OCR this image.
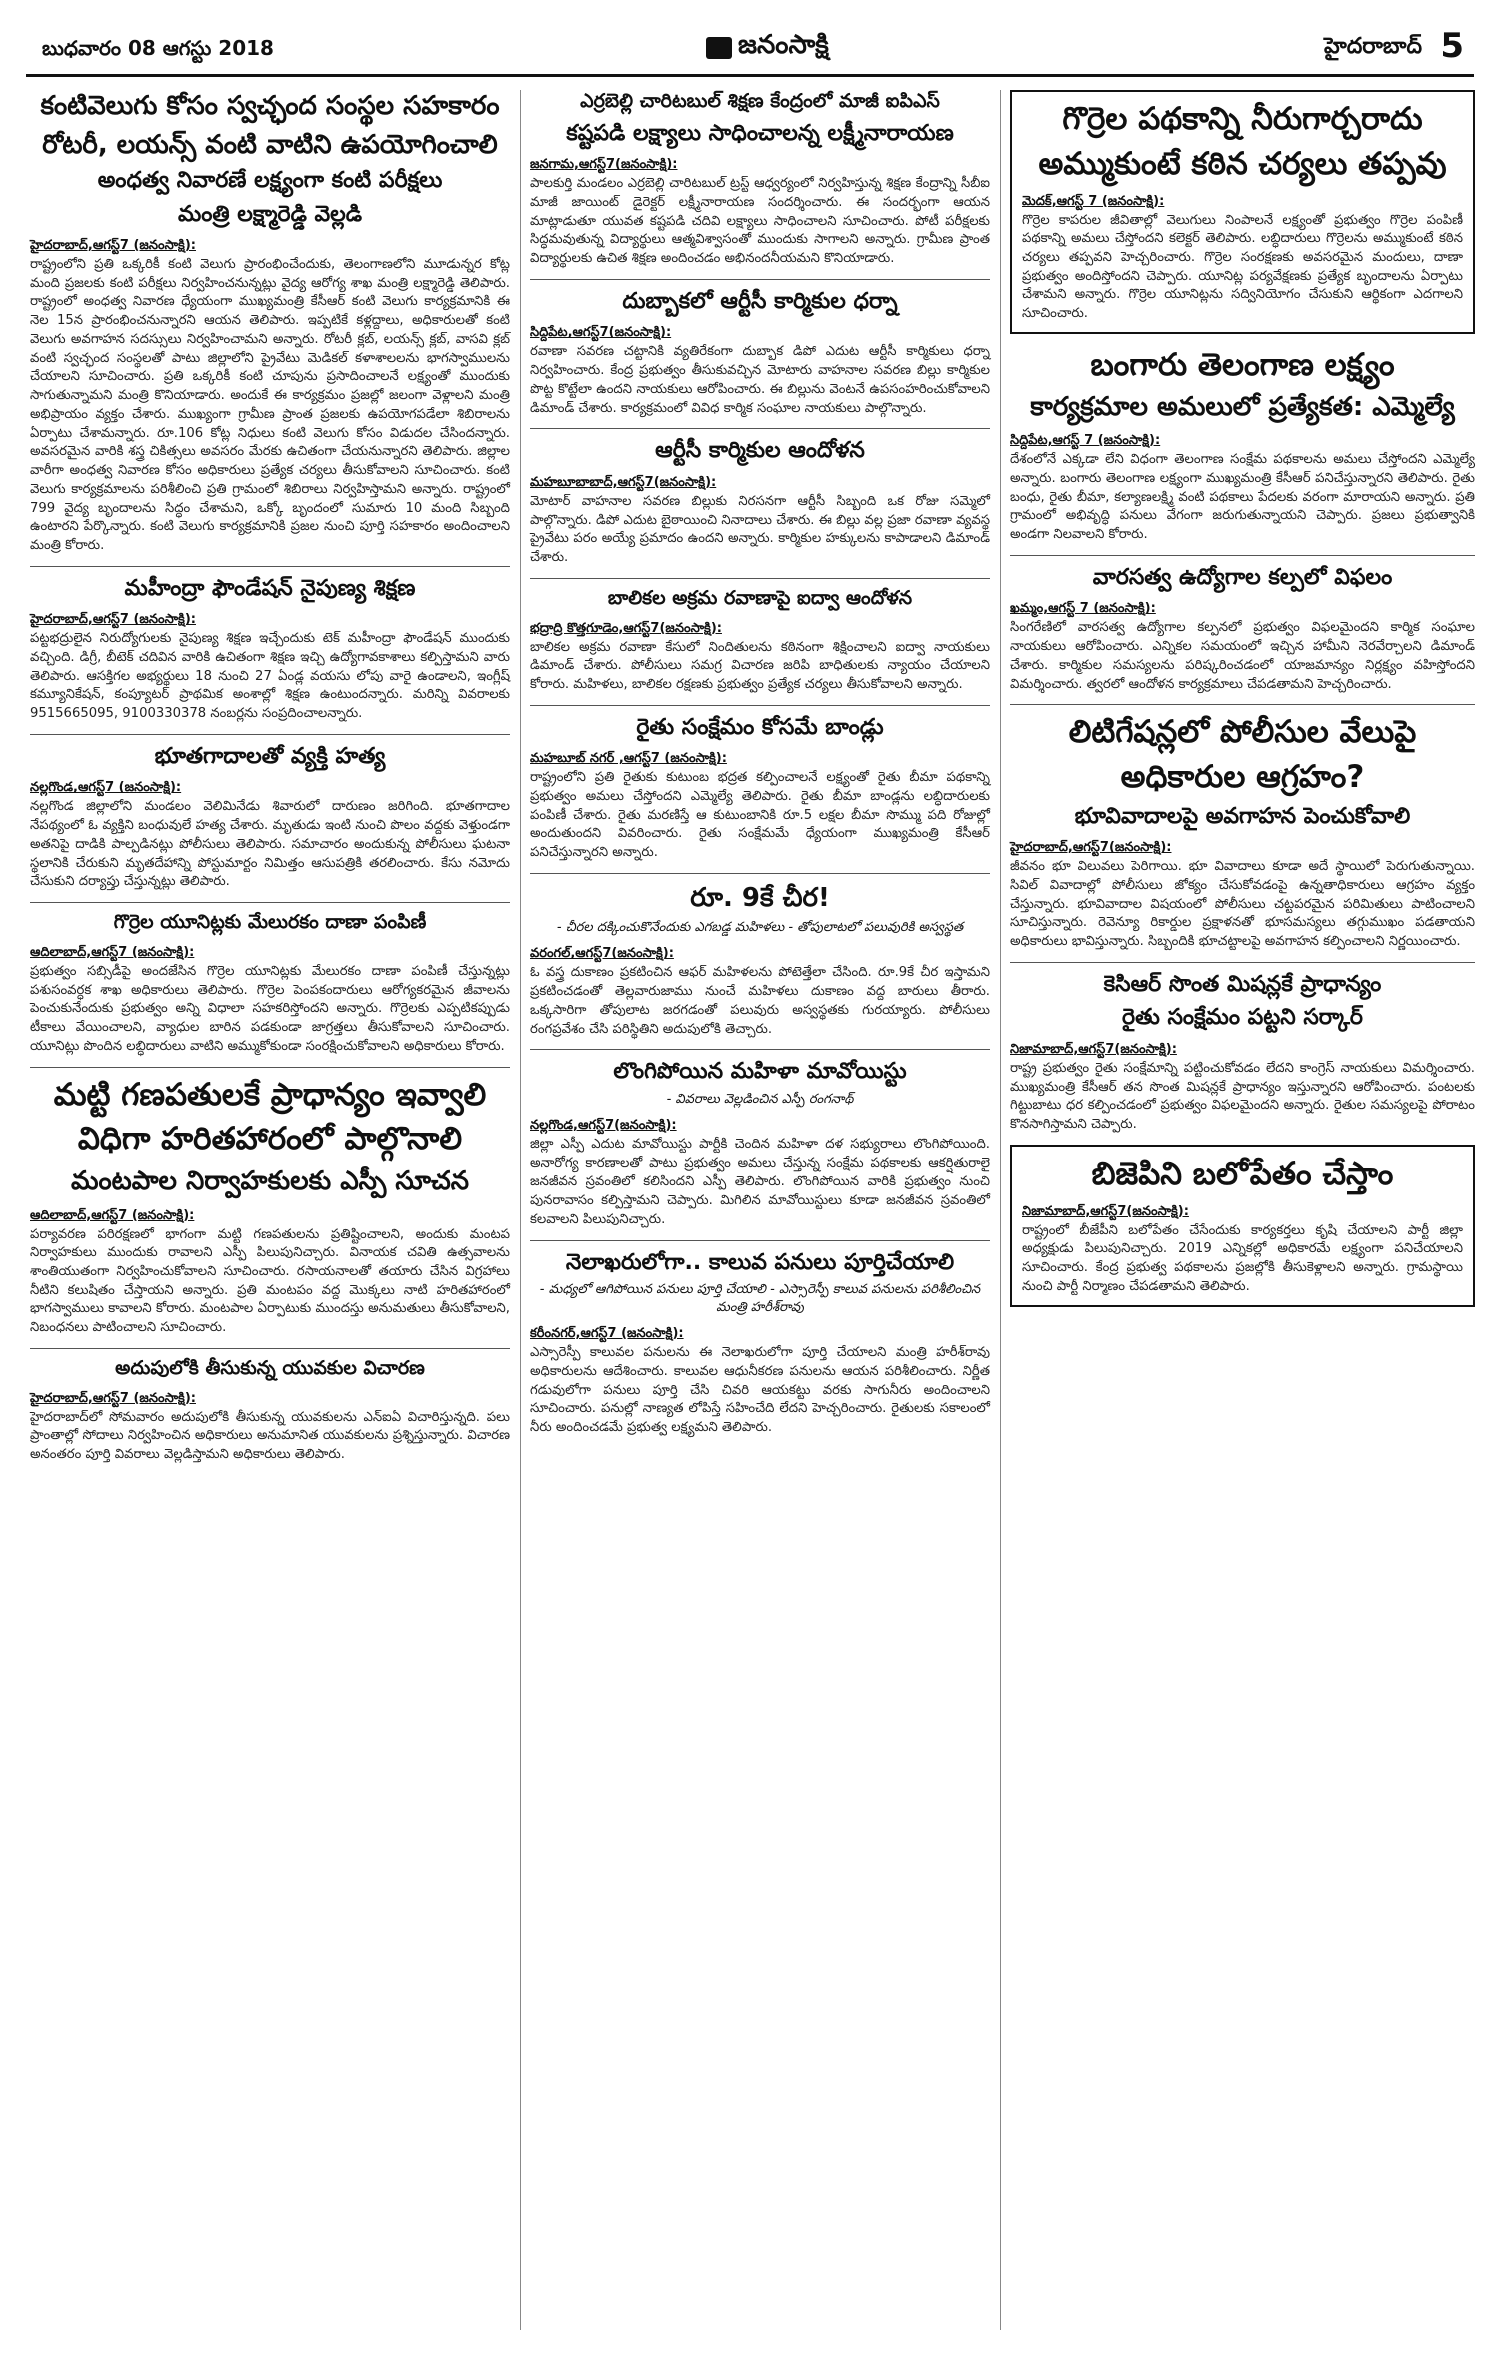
బుధవారం 08 ఆగస్టు 2018	జనంసాక్షి	హైదరాబాద్ 5
కంటివెలుగు కోసం స్వచ్ఛంద సంస్థల సహకారం
రోటరీ, లయన్స్ వంటి వాటిని ఉపయోగించాలి
అంధత్వ నివారణే లక్ష్యంగా కంటి పరీక్షలు
మంత్రి లక్ష్మారెడ్డి వెల్లడి
హైదరాబాద్,ఆగస్ట్7 (జనంసాక్షి):

రాష్ట్రంలోని ప్రతి ఒక్కరికీ కంటి వెలుగు ప్రారంభించేందుకు, తెలంగాణలోని మూడున్నర కోట్ల మంది ప్రజలకు కంటి పరీక్షలు నిర్వహించనున్నట్లు వైద్య ఆరోగ్య శాఖ మంత్రి లక్ష్మారెడ్డి తెలిపారు. రాష్ట్రంలో అంధత్వ నివారణ ధ్యేయంగా ముఖ్యమంత్రి కేసీఆర్ కంటి వెలుగు కార్యక్రమానికి ఈ నెల 15న ప్రారంభించనున్నారని ఆయన తెలిపారు. ఇప్పటికే కళ్లద్దాలు, అధికారులతో కంటి వెలుగు అవగాహన సదస్సులు నిర్వహించామని అన్నారు. రోటరీ క్లబ్, లయన్స్ క్లబ్, వాసవి క్లబ్ వంటి స్వచ్ఛంద సంస్థలతో పాటు జిల్లాలోని ప్రైవేటు మెడికల్ కళాశాలలను భాగస్వాములను చేయాలని సూచించారు. ప్రతి ఒక్కరికీ కంటి చూపును ప్రసాదించాలనే లక్ష్యంతో ముందుకు సాగుతున్నామని మంత్రి కొనియాడారు. అందుకే ఈ కార్యక్రమం ప్రజల్లో జలంగా వెళ్లాలని మంత్రి అభిప్రాయం వ్యక్తం చేశారు. ముఖ్యంగా గ్రామీణ ప్రాంత ప్రజలకు ఉపయోగపడేలా శిబిరాలను ఏర్పాటు చేశామన్నారు. రూ.106 కోట్ల నిధులు కంటి వెలుగు కోసం విడుదల చేసిందన్నారు. అవసరమైన వారికి శస్త్ర చికిత్సలు అవసరం మేరకు ఉచితంగా చేయనున్నారని తెలిపారు. జిల్లాల వారీగా అంధత్వ నివారణ కోసం అధికారులు ప్రత్యేక చర్యలు తీసుకోవాలని సూచించారు. కంటి వెలుగు కార్యక్రమాలను పరిశీలించి ప్రతి గ్రామంలో శిబిరాలు నిర్వహిస్తామని అన్నారు. రాష్ట్రంలో 799 వైద్య బృందాలను సిద్ధం చేశామని, ఒక్కో బృందంలో సుమారు 10 మంది సిబ్బంది ఉంటారని పేర్కొన్నారు. కంటి వెలుగు కార్యక్రమానికి ప్రజల నుంచి పూర్తి సహకారం అందించాలని మంత్రి కోరారు.

మహీంద్రా ఫౌండేషన్ నైపుణ్య శిక్షణ
హైదరాబాద్,ఆగస్ట్7 (జనంసాక్షి):

పట్టభద్రులైన నిరుద్యోగులకు నైపుణ్య శిక్షణ ఇచ్చేందుకు టెక్ మహీంద్రా ఫౌండేషన్ ముందుకు వచ్చింది. డిగ్రీ, బీటెక్ చదివిన వారికి ఉచితంగా శిక్షణ ఇచ్చి ఉద్యోగావకాశాలు కల్పిస్తామని వారు తెలిపారు. ఆసక్తిగల అభ్యర్థులు 18 నుంచి 27 ఏండ్ల వయసు లోపు వారై ఉండాలని, ఇంగ్లీష్ కమ్యూనికేషన్, కంప్యూటర్ ప్రాథమిక అంశాల్లో శిక్షణ ఉంటుందన్నారు. మరిన్ని వివరాలకు 9515665095, 9100330378 నంబర్లను సంప్రదించాలన్నారు.

భూతగాదాలతో వ్యక్తి హత్య
నల్లగొండ,ఆగస్ట్7 (జనంసాక్షి):

నల్లగొండ జిల్లాలోని మండలం వెలిమినేడు శివారులో దారుణం జరిగింది. భూతగాదాల నేపథ్యంలో ఓ వ్యక్తిని బంధువులే హత్య చేశారు. మృతుడు ఇంటి నుంచి పొలం వద్దకు వెళ్తుండగా అతనిపై దాడికి పాల్పడినట్లు పోలీసులు తెలిపారు. సమాచారం అందుకున్న పోలీసులు ఘటనా స్థలానికి చేరుకుని మృతదేహాన్ని పోస్టుమార్టం నిమిత్తం ఆసుపత్రికి తరలించారు. కేసు నమోదు చేసుకుని దర్యాప్తు చేస్తున్నట్లు తెలిపారు.

గొర్రెల యూనిట్లకు మేలురకం దాణా పంపిణీ
ఆదిలాబాద్,ఆగస్ట్7 (జనంసాక్షి):

ప్రభుత్వం సబ్సిడీపై అందజేసిన గొర్రెల యూనిట్లకు మేలురకం దాణా పంపిణీ చేస్తున్నట్లు పశుసంవర్ధక శాఖ అధికారులు తెలిపారు. గొర్రెల పెంపకందారులు ఆరోగ్యకరమైన జీవాలను పెంచుకునేందుకు ప్రభుత్వం అన్ని విధాలా సహకరిస్తోందని అన్నారు. గొర్రెలకు ఎప్పటికప్పుడు టీకాలు వేయించాలని, వ్యాధుల బారిన పడకుండా జాగ్రత్తలు తీసుకోవాలని సూచించారు. యూనిట్లు పొందిన లబ్ధిదారులు వాటిని అమ్ముకోకుండా సంరక్షించుకోవాలని అధికారులు కోరారు.

మట్టి గణపతులకే ప్రాధాన్యం ఇవ్వాలి
విధిగా హరితహారంలో పాల్గొనాలి
మంటపాల నిర్వాహకులకు ఎస్పీ సూచన
ఆదిలాబాద్,ఆగస్ట్7 (జనంసాక్షి):

పర్యావరణ పరిరక్షణలో భాగంగా మట్టి గణపతులను ప్రతిష్టించాలని, అందుకు మంటప నిర్వాహకులు ముందుకు రావాలని ఎస్పీ పిలుపునిచ్చారు. వినాయక చవితి ఉత్సవాలను శాంతియుతంగా నిర్వహించుకోవాలని సూచించారు. రసాయనాలతో తయారు చేసిన విగ్రహాలు నీటిని కలుషితం చేస్తాయని అన్నారు. ప్రతి మంటపం వద్ద మొక్కలు నాటి హరితహారంలో భాగస్వాములు కావాలని కోరారు. మంటపాల ఏర్పాటుకు ముందస్తు అనుమతులు తీసుకోవాలని, నిబంధనలు పాటించాలని సూచించారు.

అదుపులోకి తీసుకున్న యువకుల విచారణ
హైదరాబాద్,ఆగస్ట్7 (జనంసాక్షి):

హైదరాబాద్‌లో సోమవారం అదుపులోకి తీసుకున్న యువకులను ఎన్ఐఏ విచారిస్తున్నది. పలు ప్రాంతాల్లో సోదాలు నిర్వహించిన అధికారులు అనుమానిత యువకులను ప్రశ్నిస్తున్నారు. విచారణ అనంతరం పూర్తి వివరాలు వెల్లడిస్తామని అధికారులు తెలిపారు.

ఎర్రబెల్లి చారిటబుల్ శిక్షణ కేంద్రంలో మాజీ ఐపిఎస్
కష్టపడి లక్ష్యాలు సాధించాలన్న లక్ష్మీనారాయణ
జనగామ,ఆగస్ట్7(జనంసాక్షి):

పాలకుర్తి మండలం ఎర్రబెల్లి చారిటబుల్ ట్రస్ట్ ఆధ్వర్యంలో నిర్వహిస్తున్న శిక్షణ కేంద్రాన్ని సీబీఐ మాజీ జాయింట్ డైరెక్టర్ లక్ష్మీనారాయణ సందర్శించారు. ఈ సందర్భంగా ఆయన మాట్లాడుతూ యువత కష్టపడి చదివి లక్ష్యాలు సాధించాలని సూచించారు. పోటీ పరీక్షలకు సిద్ధమవుతున్న విద్యార్థులు ఆత్మవిశ్వాసంతో ముందుకు సాగాలని అన్నారు. గ్రామీణ ప్రాంత విద్యార్థులకు ఉచిత శిక్షణ అందించడం అభినందనీయమని కొనియాడారు.

దుబ్బాకలో ఆర్టీసీ కార్మికుల ధర్నా
సిద్దిపేట,ఆగస్ట్7(జనంసాక్షి):

రవాణా సవరణ చట్టానికి వ్యతిరేకంగా దుబ్బాక డిపో ఎదుట ఆర్టీసీ కార్మికులు ధర్నా నిర్వహించారు. కేంద్ర ప్రభుత్వం తీసుకువచ్చిన మోటారు వాహనాల సవరణ బిల్లు కార్మికుల పొట్ట కొట్టేలా ఉందని నాయకులు ఆరోపించారు. ఈ బిల్లును వెంటనే ఉపసంహరించుకోవాలని డిమాండ్ చేశారు. కార్యక్రమంలో వివిధ కార్మిక సంఘాల నాయకులు పాల్గొన్నారు.

ఆర్టీసీ కార్మికుల ఆందోళన
మహబూబాబాద్,ఆగస్ట్7(జనంసాక్షి):

మోటార్ వాహనాల సవరణ బిల్లుకు నిరసనగా ఆర్టీసీ సిబ్బంది ఒక రోజు సమ్మెలో పాల్గొన్నారు. డిపో ఎదుట బైఠాయించి నినాదాలు చేశారు. ఈ బిల్లు వల్ల ప్రజా రవాణా వ్యవస్థ ప్రైవేటు పరం అయ్యే ప్రమాదం ఉందని అన్నారు. కార్మికుల హక్కులను కాపాడాలని డిమాండ్ చేశారు.

బాలికల అక్రమ రవాణాపై ఐద్వా ఆందోళన
భద్రాద్రి కొత్తగూడెం,ఆగస్ట్7(జనంసాక్షి):

బాలికల అక్రమ రవాణా కేసులో నిందితులను కఠినంగా శిక్షించాలని ఐద్వా నాయకులు డిమాండ్ చేశారు. పోలీసులు సమగ్ర విచారణ జరిపి బాధితులకు న్యాయం చేయాలని కోరారు. మహిళలు, బాలికల రక్షణకు ప్రభుత్వం ప్రత్యేక చర్యలు తీసుకోవాలని అన్నారు.

రైతు సంక్షేమం కోసమే బాండ్లు
మహబూబ్ నగర్ ,ఆగస్ట్7 (జనంసాక్షి):

రాష్ట్రంలోని ప్రతి రైతుకు కుటుంబ భద్రత కల్పించాలనే లక్ష్యంతో రైతు బీమా పథకాన్ని ప్రభుత్వం అమలు చేస్తోందని ఎమ్మెల్యే తెలిపారు. రైతు బీమా బాండ్లను లబ్ధిదారులకు పంపిణీ చేశారు. రైతు మరణిస్తే ఆ కుటుంబానికి రూ.5 లక్షల బీమా సొమ్ము పది రోజుల్లో అందుతుందని వివరించారు. రైతు సంక్షేమమే ధ్యేయంగా ముఖ్యమంత్రి కేసీఆర్ పనిచేస్తున్నారని అన్నారు.

రూ. 9కే చీర!
- చీరల దక్కించుకొనేందుకు ఎగబడ్డ మహిళలు - తోపులాటలో పలువురికి అస్వస్థత
వరంగల్,ఆగస్ట్7(జనంసాక్షి):

ఓ వస్త్ర దుకాణం ప్రకటించిన ఆఫర్ మహిళలను పోటెత్తేలా చేసింది. రూ.9కే చీర ఇస్తామని ప్రకటించడంతో తెల్లవారుజాము నుంచే మహిళలు దుకాణం వద్ద బారులు తీరారు. ఒక్కసారిగా తోపులాట జరగడంతో పలువురు అస్వస్థతకు గురయ్యారు. పోలీసులు రంగప్రవేశం చేసి పరిస్థితిని అదుపులోకి తెచ్చారు.

లొంగిపోయిన మహిళా మావోయిస్టు
- వివరాలు వెల్లడించిన ఎస్పీ రంగనాథ్
నల్లగొండ,ఆగస్ట్7(జనంసాక్షి):

జిల్లా ఎస్పీ ఎదుట మావోయిస్టు పార్టీకి చెందిన మహిళా దళ సభ్యురాలు లొంగిపోయింది. అనారోగ్య కారణాలతో పాటు ప్రభుత్వం అమలు చేస్తున్న సంక్షేమ పథకాలకు ఆకర్షితురాలై జనజీవన స్రవంతిలో కలిసిందని ఎస్పీ తెలిపారు. లొంగిపోయిన వారికి ప్రభుత్వం నుంచి పునరావాసం కల్పిస్తామని చెప్పారు. మిగిలిన మావోయిస్టులు కూడా జనజీవన స్రవంతిలో కలవాలని పిలుపునిచ్చారు.

నెలాఖరులోగా.. కాలువ పనులు పూర్తిచేయాలి
- మధ్యలో ఆగిపోయిన పనులు పూర్తి చేయాలి - ఎస్సారెస్పీ కాలువ పనులను పరిశీలించిన మంత్రి హరీశ్‌రావు
కరీంనగర్,ఆగస్ట్7 (జనంసాక్షి):

ఎస్సారెస్పీ కాలువల పనులను ఈ నెలాఖరులోగా పూర్తి చేయాలని మంత్రి హరీశ్‌రావు అధికారులను ఆదేశించారు. కాలువల ఆధునీకరణ పనులను ఆయన పరిశీలించారు. నిర్ణీత గడువులోగా పనులు పూర్తి చేసి చివరి ఆయకట్టు వరకు సాగునీరు అందించాలని సూచించారు. పనుల్లో నాణ్యత లోపిస్తే సహించేది లేదని హెచ్చరించారు. రైతులకు సకాలంలో నీరు అందించడమే ప్రభుత్వ లక్ష్యమని తెలిపారు.

గొర్రెల పథకాన్ని నీరుగార్చరాదు
అమ్ముకుంటే కఠిన చర్యలు తప్పవు
మెదక్,ఆగస్ట్ 7 (జనంసాక్షి):

గొర్రెల కాపరుల జీవితాల్లో వెలుగులు నింపాలనే లక్ష్యంతో ప్రభుత్వం గొర్రెల పంపిణీ పథకాన్ని అమలు చేస్తోందని కలెక్టర్ తెలిపారు. లబ్ధిదారులు గొర్రెలను అమ్ముకుంటే కఠిన చర్యలు తప్పవని హెచ్చరించారు. గొర్రెల సంరక్షణకు అవసరమైన మందులు, దాణా ప్రభుత్వం అందిస్తోందని చెప్పారు. యూనిట్ల పర్యవేక్షణకు ప్రత్యేక బృందాలను ఏర్పాటు చేశామని అన్నారు. గొర్రెల యూనిట్లను సద్వినియోగం చేసుకుని ఆర్థికంగా ఎదగాలని సూచించారు.

బంగారు తెలంగాణ లక్ష్యం
కార్యక్రమాల అమలులో ప్రత్యేకత: ఎమ్మెల్యే
సిద్దిపేట,ఆగస్ట్ 7 (జనంసాక్షి):

దేశంలోనే ఎక్కడా లేని విధంగా తెలంగాణ సంక్షేమ పథకాలను అమలు చేస్తోందని ఎమ్మెల్యే అన్నారు. బంగారు తెలంగాణ లక్ష్యంగా ముఖ్యమంత్రి కేసీఆర్ పనిచేస్తున్నారని తెలిపారు. రైతు బంధు, రైతు బీమా, కల్యాణలక్ష్మి వంటి పథకాలు పేదలకు వరంగా మారాయని అన్నారు. ప్రతి గ్రామంలో అభివృద్ధి పనులు వేగంగా జరుగుతున్నాయని చెప్పారు. ప్రజలు ప్రభుత్వానికి అండగా నిలవాలని కోరారు.

వారసత్వ ఉద్యోగాల కల్పలో విఫలం
ఖమ్మం,ఆగస్ట్ 7 (జనంసాక్షి):

సింగరేణిలో వారసత్వ ఉద్యోగాల కల్పనలో ప్రభుత్వం విఫలమైందని కార్మిక సంఘాల నాయకులు ఆరోపించారు. ఎన్నికల సమయంలో ఇచ్చిన హామీని నెరవేర్చాలని డిమాండ్ చేశారు. కార్మికుల సమస్యలను పరిష్కరించడంలో యాజమాన్యం నిర్లక్ష్యం వహిస్తోందని విమర్శించారు. త్వరలో ఆందోళన కార్యక్రమాలు చేపడతామని హెచ్చరించారు.

లిటిగేషన్లలో పోలీసుల వేలుపై
అధికారుల ఆగ్రహం?
భూవివాదాలపై అవగాహన పెంచుకోవాలి
హైదరాబాద్,ఆగస్ట్7(జనంసాక్షి):

జీవనం భూ విలువలు పెరిగాయి. భూ వివాదాలు కూడా అదే స్థాయిలో పెరుగుతున్నాయి. సివిల్ వివాదాల్లో పోలీసులు జోక్యం చేసుకోవడంపై ఉన్నతాధికారులు ఆగ్రహం వ్యక్తం చేస్తున్నారు. భూవివాదాల విషయంలో పోలీసులు చట్టపరమైన పరిమితులు పాటించాలని సూచిస్తున్నారు. రెవెన్యూ రికార్డుల ప్రక్షాళనతో భూసమస్యలు తగ్గుముఖం పడతాయని అధికారులు భావిస్తున్నారు. సిబ్బందికి భూచట్టాలపై అవగాహన కల్పించాలని నిర్ణయించారు.

కెసిఆర్ సొంత మిషన్లకే ప్రాధాన్యం
రైతు సంక్షేమం పట్టని సర్కార్
నిజామాబాద్,ఆగస్ట్7(జనంసాక్షి):

రాష్ట్ర ప్రభుత్వం రైతు సంక్షేమాన్ని పట్టించుకోవడం లేదని కాంగ్రెస్ నాయకులు విమర్శించారు. ముఖ్యమంత్రి కేసీఆర్ తన సొంత మిషన్లకే ప్రాధాన్యం ఇస్తున్నారని ఆరోపించారు. పంటలకు గిట్టుబాటు ధర కల్పించడంలో ప్రభుత్వం విఫలమైందని అన్నారు. రైతుల సమస్యలపై పోరాటం కొనసాగిస్తామని చెప్పారు.

బిజెపిని బలోపేతం చేస్తాం
నిజామాబాద్,ఆగస్ట్7(జనంసాక్షి):

రాష్ట్రంలో బీజేపీని బలోపేతం చేసేందుకు కార్యకర్తలు కృషి చేయాలని పార్టీ జిల్లా అధ్యక్షుడు పిలుపునిచ్చారు. 2019 ఎన్నికల్లో అధికారమే లక్ష్యంగా పనిచేయాలని సూచించారు. కేంద్ర ప్రభుత్వ పథకాలను ప్రజల్లోకి తీసుకెళ్లాలని అన్నారు. గ్రామస్థాయి నుంచి పార్టీ నిర్మాణం చేపడతామని తెలిపారు.
